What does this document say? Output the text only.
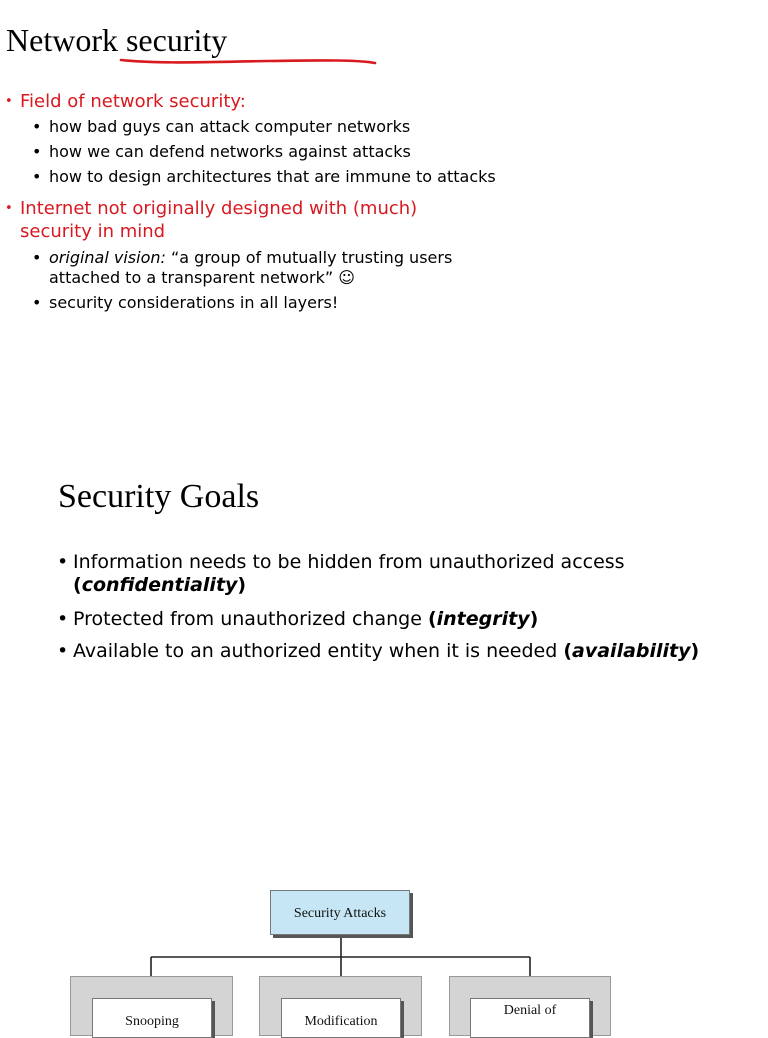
Network security
• Field of network security:
• how bad guys can attack computer networks
• how we can defend networks against attacks
• how to design architectures that are immune to attacks
• Internet not originally designed with (much)
security in mind
• original vision: “a group of mutually trusting users
attached to a transparent network” ☺
• security considerations in all layers!
Security Goals
• Information needs to be hidden from unauthorized access
(confidentiality)
• Protected from unauthorized change (integrity)
• Available to an authorized entity when it is needed (availability)
Security Attacks
Snooping	Modification
Denial of
